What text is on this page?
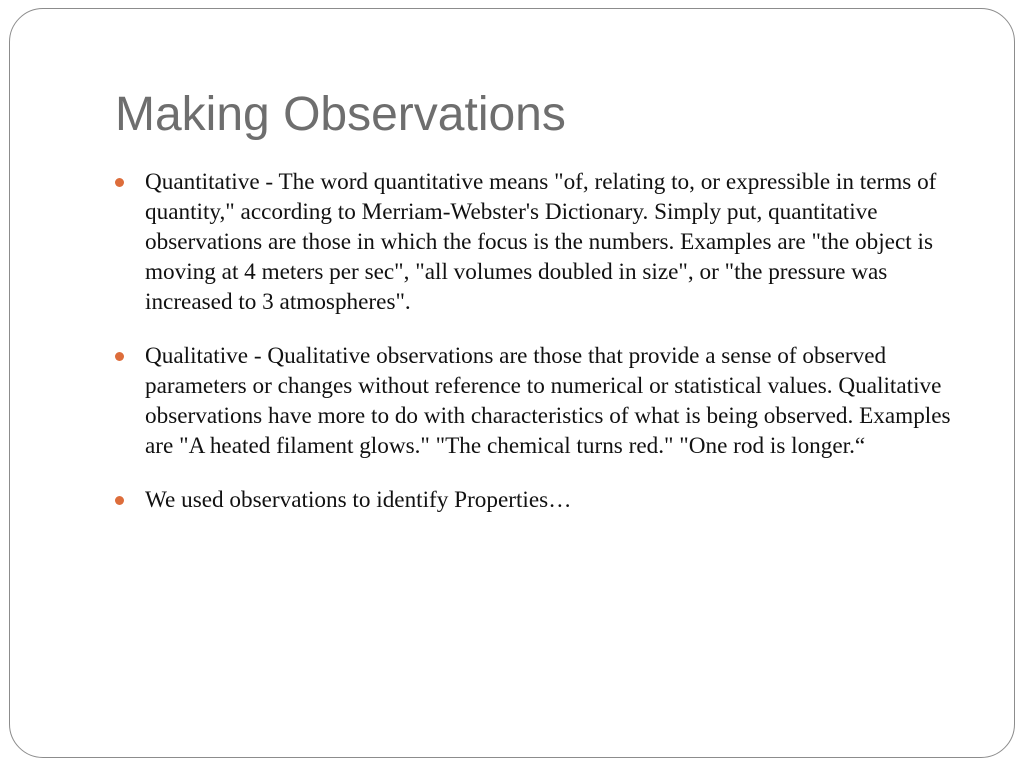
Making Observations
Quantitative - The word quantitative means "of, relating to, or expressible in terms of quantity," according to Merriam-Webster's Dictionary. Simply put, quantitative observations are those in which the focus is the numbers. Examples are "the object is moving at 4 meters per sec", "all volumes doubled in size", or "the pressure was increased to 3 atmospheres".
Qualitative - Qualitative observations are those that provide a sense of observed parameters or changes without reference to numerical or statistical values. Qualitative observations have more to do with characteristics of what is being observed. Examples are "A heated filament glows." "The chemical turns red." "One rod is longer.“
We used observations to identify Properties…
